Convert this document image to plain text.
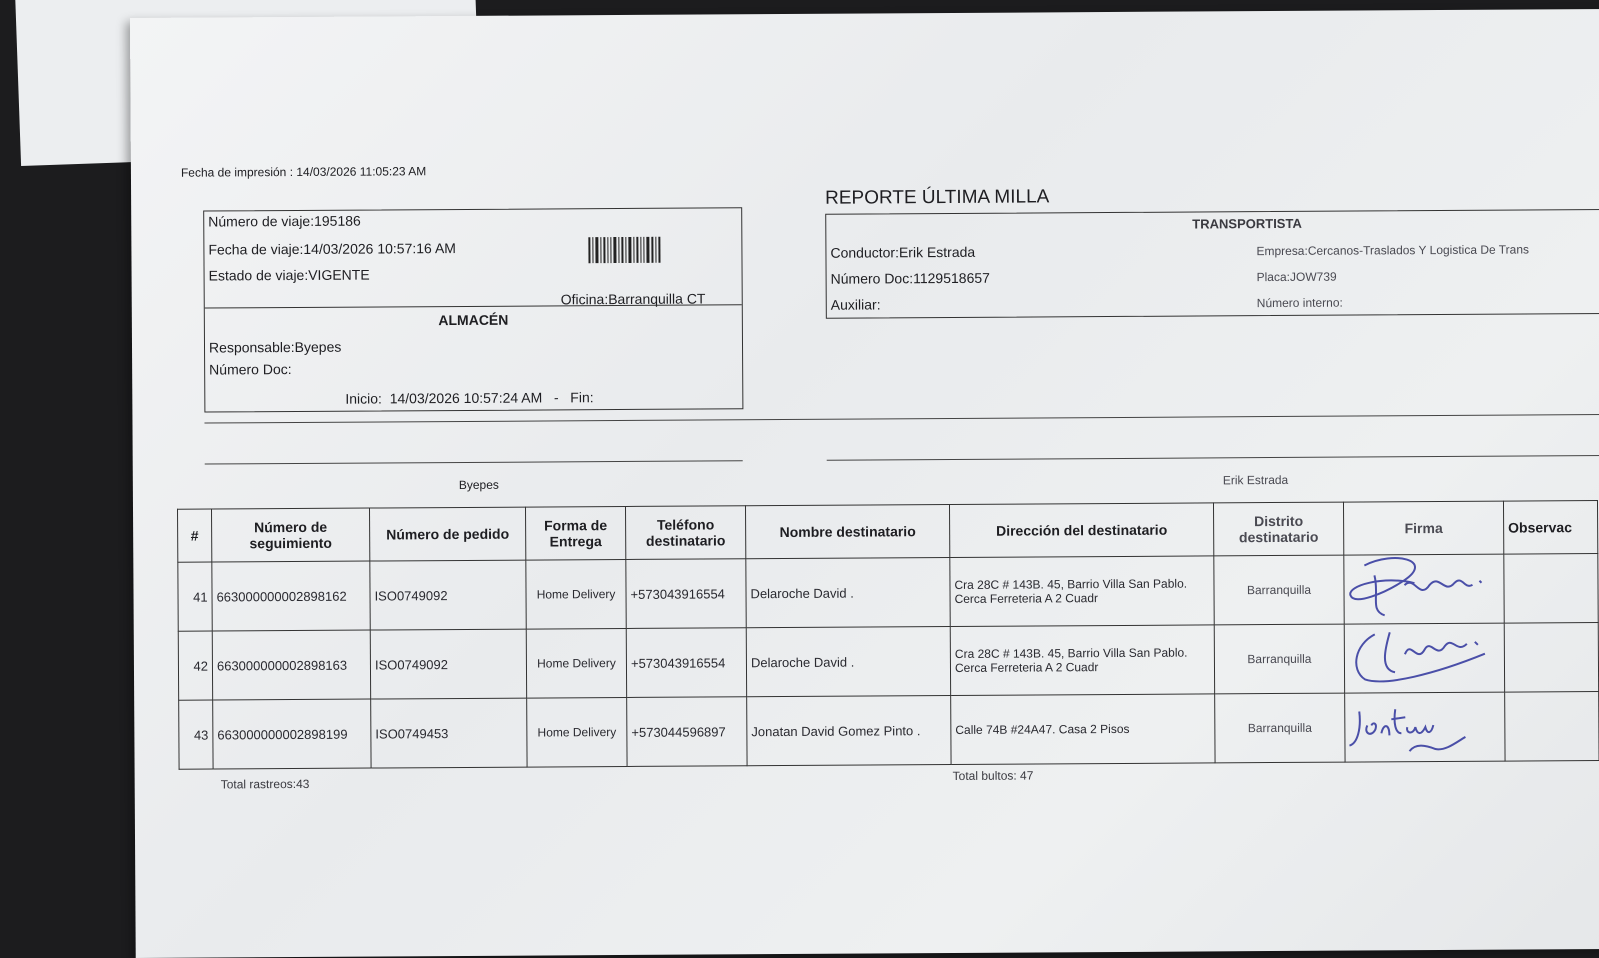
Fecha de impresión : 14/03/2026 11:05:23 AM
Número de viaje:195186
Fecha de viaje:14/03/2026 10:57:16 AM
Estado de viaje:VIGENTE
Oficina:Barranquilla CT
ALMACÉN
Responsable:Byepes
Número Doc:
Inicio:  14/03/2026 10:57:24 AM - Fin:
REPORTE ÚLTIMA MILLA
TRANSPORTISTA
Conductor:Erik Estrada
Número Doc:1129518657
Auxiliar:
Empresa:Cercanos-Traslados Y Logistica De Trans
Placa:JOW739
Número interno:
Byepes	Erik Estrada
#	Número de seguimiento	Número de pedido	Forma de Entrega	Teléfono destinatario	Nombre destinatario	Dirección del destinatario	Distrito destinatario	Firma	Observac
41	663000000002898162	ISO0749092	Home Delivery	+573043916554	Delaroche David .	Cra 28C # 143B. 45, Barrio Villa San Pablo. Cerca Ferreteria A 2 Cuadr	Barranquilla	

42	663000000002898163	ISO0749092	Home Delivery	+573043916554	Delaroche David .	Cra 28C # 143B. 45, Barrio Villa San Pablo. Cerca Ferreteria A 2 Cuadr	Barranquilla	

43	663000000002898199	ISO0749453	Home Delivery	+573044596897	Jonatan David Gomez Pinto .	Calle 74B #24A47. Casa 2 Pisos	Barranquilla	

Total rastreos:43
Total bultos: 47
